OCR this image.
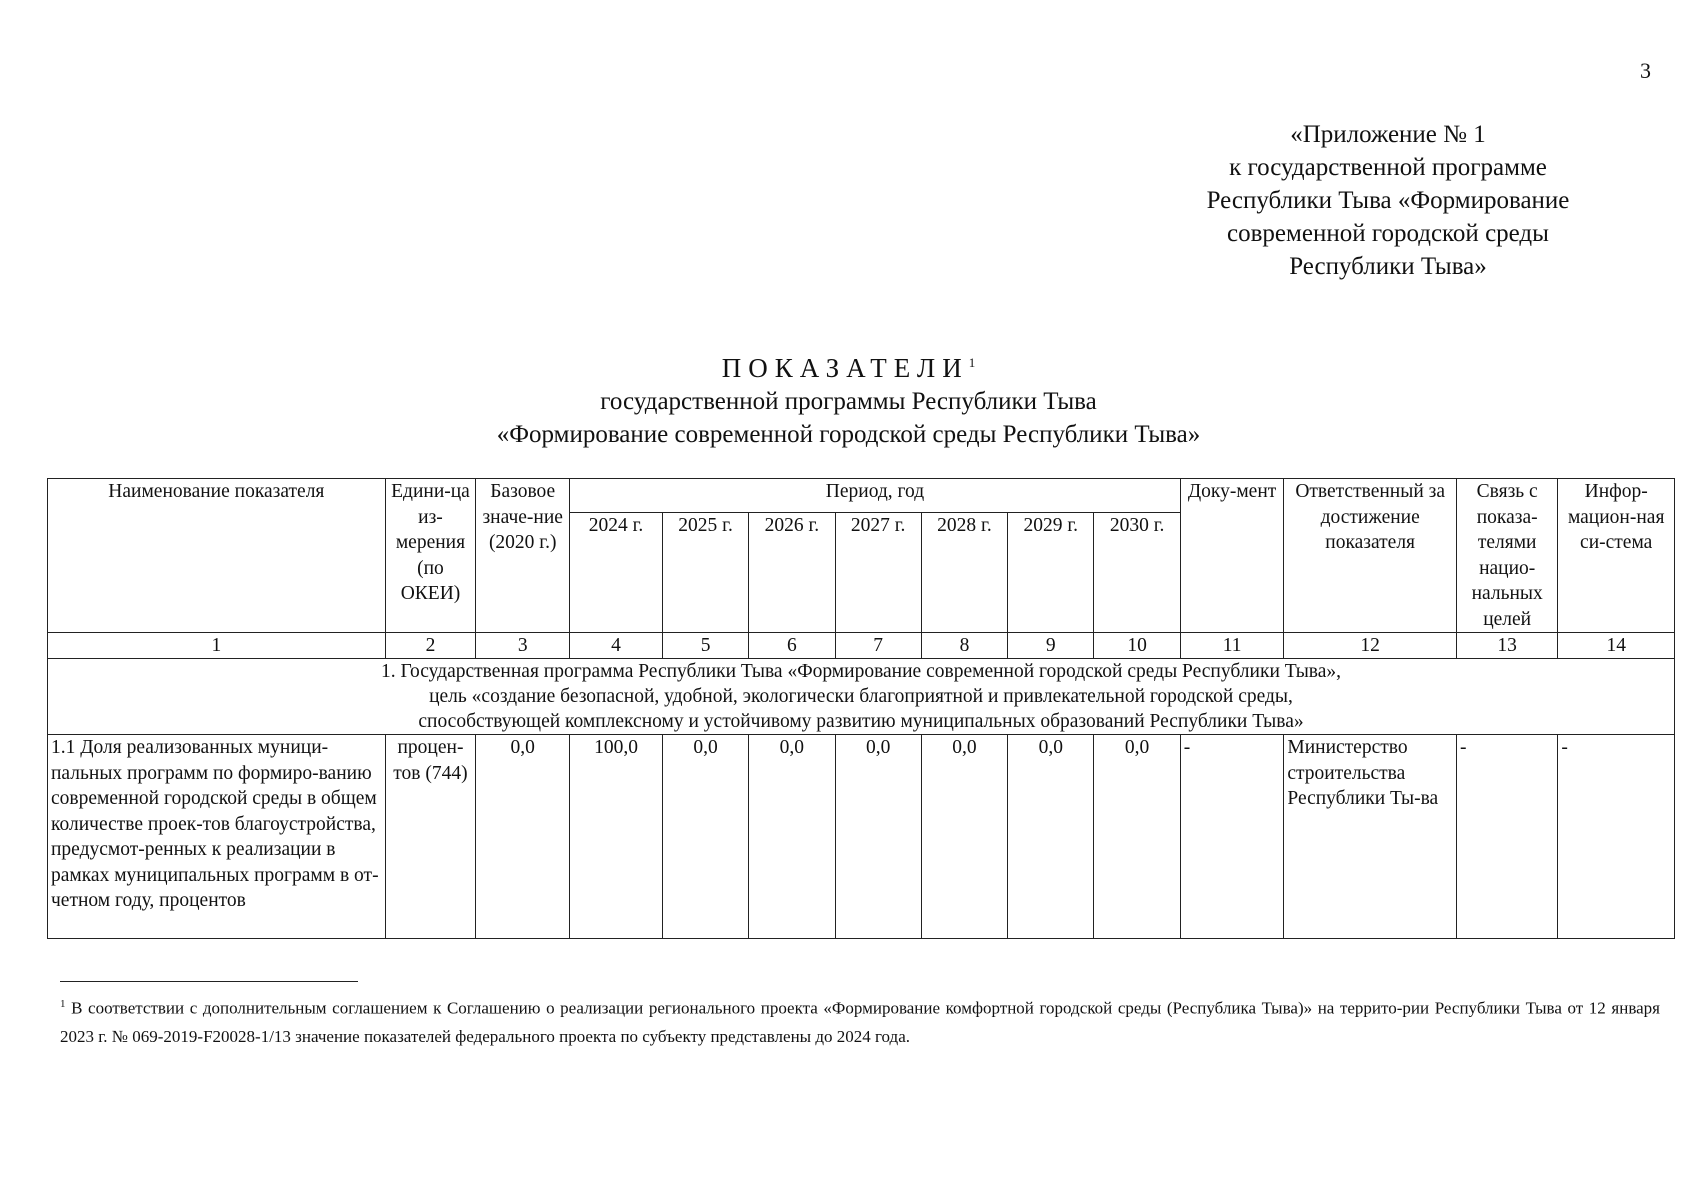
3
«Приложение № 1
к государственной программе
Республики Тыва «Формирование
современной городской среды
Республики Тыва»
ПОКАЗАТЕЛИ$^1$
государственной программы Республики Тыва
«Формирование современной городской среды Республики Тыва»
Наименование показателя	Едини-ца из-мерения (по ОКЕИ)	Базовое значе-ние (2020 г.)	Период, год							Доку-мент	Ответственный за достижение показателя	Связь с показа-телями нацио-нальных целей	Инфор-мацион-ная си-стема
			2024 г.	2025 г.	2026 г.	2027 г.	2028 г.	2029 г.	2030 г.				
1	2	3	4	5	6	7	8	9	10	11	12	13	14

1. Государственная программа Республики Тыва «Формирование современной городской среды Республики Тыва»,
цель «создание безопасной, удобной, экологически благоприятной и привлекательной городской среды,
способствующей комплексному и устойчивому развитию муниципальных образований Республики Тыва»													

1.1 Доля реализованных муници-пальных программ по формиро-ванию современной городской среды в общем количестве проек-тов благоустройства, предусмот-ренных к реализации в рамках муниципальных программ в от-четном году, процентов	процен-тов (744)	0,0	100,0	0,0	0,0	0,0	0,0	0,0	0,0	-	Министерство строительства Республики Ты-ва	-	-
$^1$ В соответствии с дополнительным соглашением к Соглашению о реализации регионального проекта «Формирование комфортной городской среды (Республика Тыва)» на террито-рии Республики Тыва от 12 января 2023 г. № 069-2019-F20028-1/13 значение показателей федерального проекта по субъекту представлены до 2024 года.
